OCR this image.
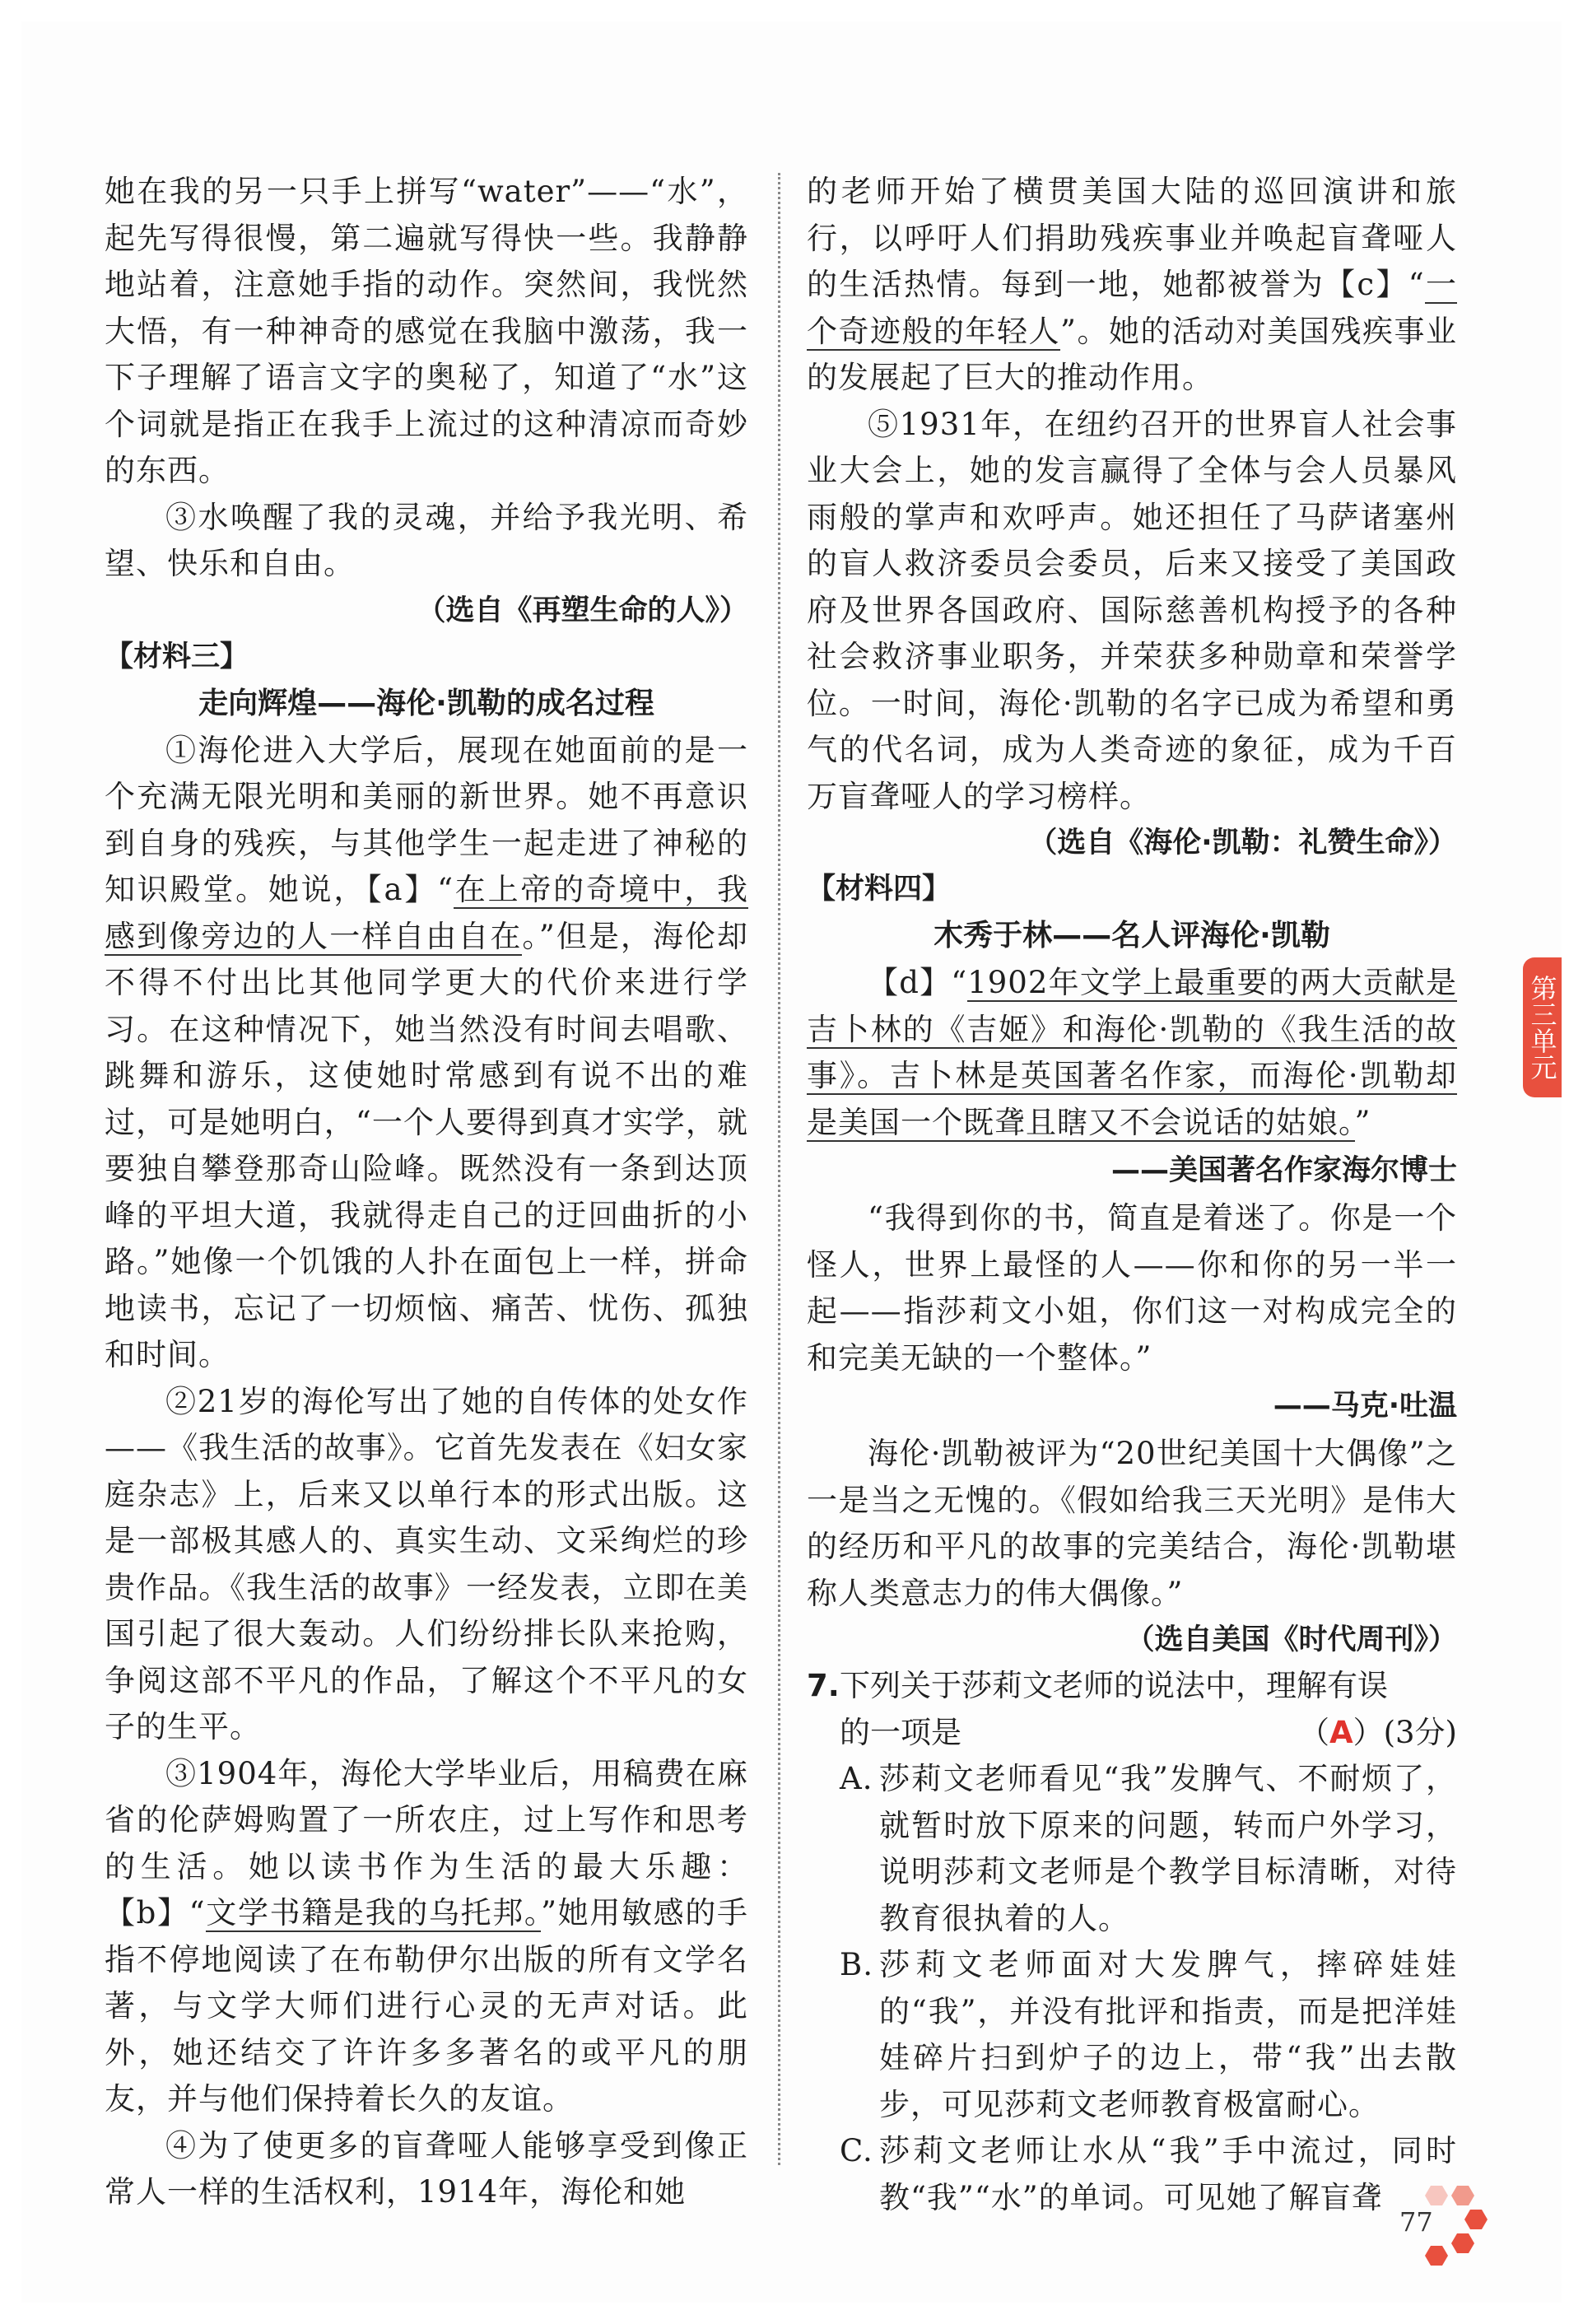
她在我的另一只手上拼写“water”——“水”，起先写得很慢，第二遍就写得快一些。我静静地站着，注意她手指的动作。突然间，我恍然大悟，有一种神奇的感觉在我脑中激荡，我一下子理解了语言文字的奥秘了，知道了“水”这个词就是指正在我手上流过的这种清凉而奇妙的东西。

③水唤醒了我的灵魂，并给予我光明、希望、快乐和自由。

（选自《再塑生命的人》）

【材料三】

走向辉煌——海伦·凯勒的成名过程

①海伦进入大学后，展现在她面前的是一个充满无限光明和美丽的新世界。她不再意识到自身的残疾，与其他学生一起走进了神秘的知识殿堂。她说，【a】“在上帝的奇境中，我感到像旁边的人一样自由自在。”但是，海伦却不得不付出比其他同学更大的代价来进行学习。在这种情况下，她当然没有时间去唱歌、跳舞和游乐，这使她时常感到有说不出的难过，可是她明白，“一个人要得到真才实学，就要独自攀登那奇山险峰。既然没有一条到达顶峰的平坦大道，我就得走自己的迂回曲折的小路。”她像一个饥饿的人扑在面包上一样，拼命地读书，忘记了一切烦恼、痛苦、忧伤、孤独和时间。

②21岁的海伦写出了她的自传体的处女作——《我生活的故事》。它首先发表在《妇女家庭杂志》上，后来又以单行本的形式出版。这是一部极其感人的、真实生动、文采绚烂的珍贵作品。《我生活的故事》一经发表，立即在美国引起了很大轰动。人们纷纷排长队来抢购，争阅这部不平凡的作品，了解这个不平凡的女子的生平。

③1904年，海伦大学毕业后，用稿费在麻省的伦萨姆购置了一所农庄，过上写作和思考的生活。她以读书作为生活的最大乐趣：【b】“文学书籍是我的乌托邦。”她用敏感的手指不停地阅读了在布勒伊尔出版的所有文学名著，与文学大师们进行心灵的无声对话。此外，她还结交了许许多多著名的或平凡的朋友，并与他们保持着长久的友谊。

④为了使更多的盲聋哑人能够享受到像正常人一样的生活权利，1914年，海伦和她

的老师开始了横贯美国大陆的巡回演讲和旅行，以呼吁人们捐助残疾事业并唤起盲聋哑人的生活热情。每到一地，她都被誉为【c】“一个奇迹般的年轻人”。她的活动对美国残疾事业的发展起了巨大的推动作用。

⑤1931年，在纽约召开的世界盲人社会事业大会上，她的发言赢得了全体与会人员暴风雨般的掌声和欢呼声。她还担任了马萨诸塞州的盲人救济委员会委员，后来又接受了美国政府及世界各国政府、国际慈善机构授予的各种社会救济事业职务，并荣获多种勋章和荣誉学位。一时间，海伦·凯勒的名字已成为希望和勇气的代名词，成为人类奇迹的象征，成为千百万盲聋哑人的学习榜样。

（选自《海伦·凯勒：礼赞生命》）

【材料四】

木秀于林——名人评海伦·凯勒

【d】“1902年文学上最重要的两大贡献是吉卜林的《吉姬》和海伦·凯勒的《我生活的故事》。吉卜林是英国著名作家，而海伦·凯勒却是美国一个既聋且瞎又不会说话的姑娘。”

——美国著名作家海尔博士

“我得到你的书，简直是着迷了。你是一个怪人，世界上最怪的人——你和你的另一半一起——指莎莉文小姐，你们这一对构成完全的和完美无缺的一个整体。”

——马克·吐温

海伦·凯勒被评为“20世纪美国十大偶像”之一是当之无愧的。《假如给我三天光明》是伟大的经历和平凡的故事的完美结合，海伦·凯勒堪称人类意志力的伟大偶像。”

（选自美国《时代周刊》）

7. 下列关于莎莉文老师的说法中，理解有误

的一项是	（A）(3分)

A. 莎莉文老师看见“我”发脾气、不耐烦了，就暂时放下原来的问题，转而户外学习，说明莎莉文老师是个教学目标清晰，对待教育很执着的人。

B. 莎莉文老师面对大发脾气，摔碎娃娃的“我”，并没有批评和指责，而是把洋娃娃碎片扫到炉子的边上，带“我”出去散步，可见莎莉文老师教育极富耐心。

C. 莎莉文老师让水从“我”手中流过，同时教“我”“水”的单词。可见她了解盲聋

第三单元
77
